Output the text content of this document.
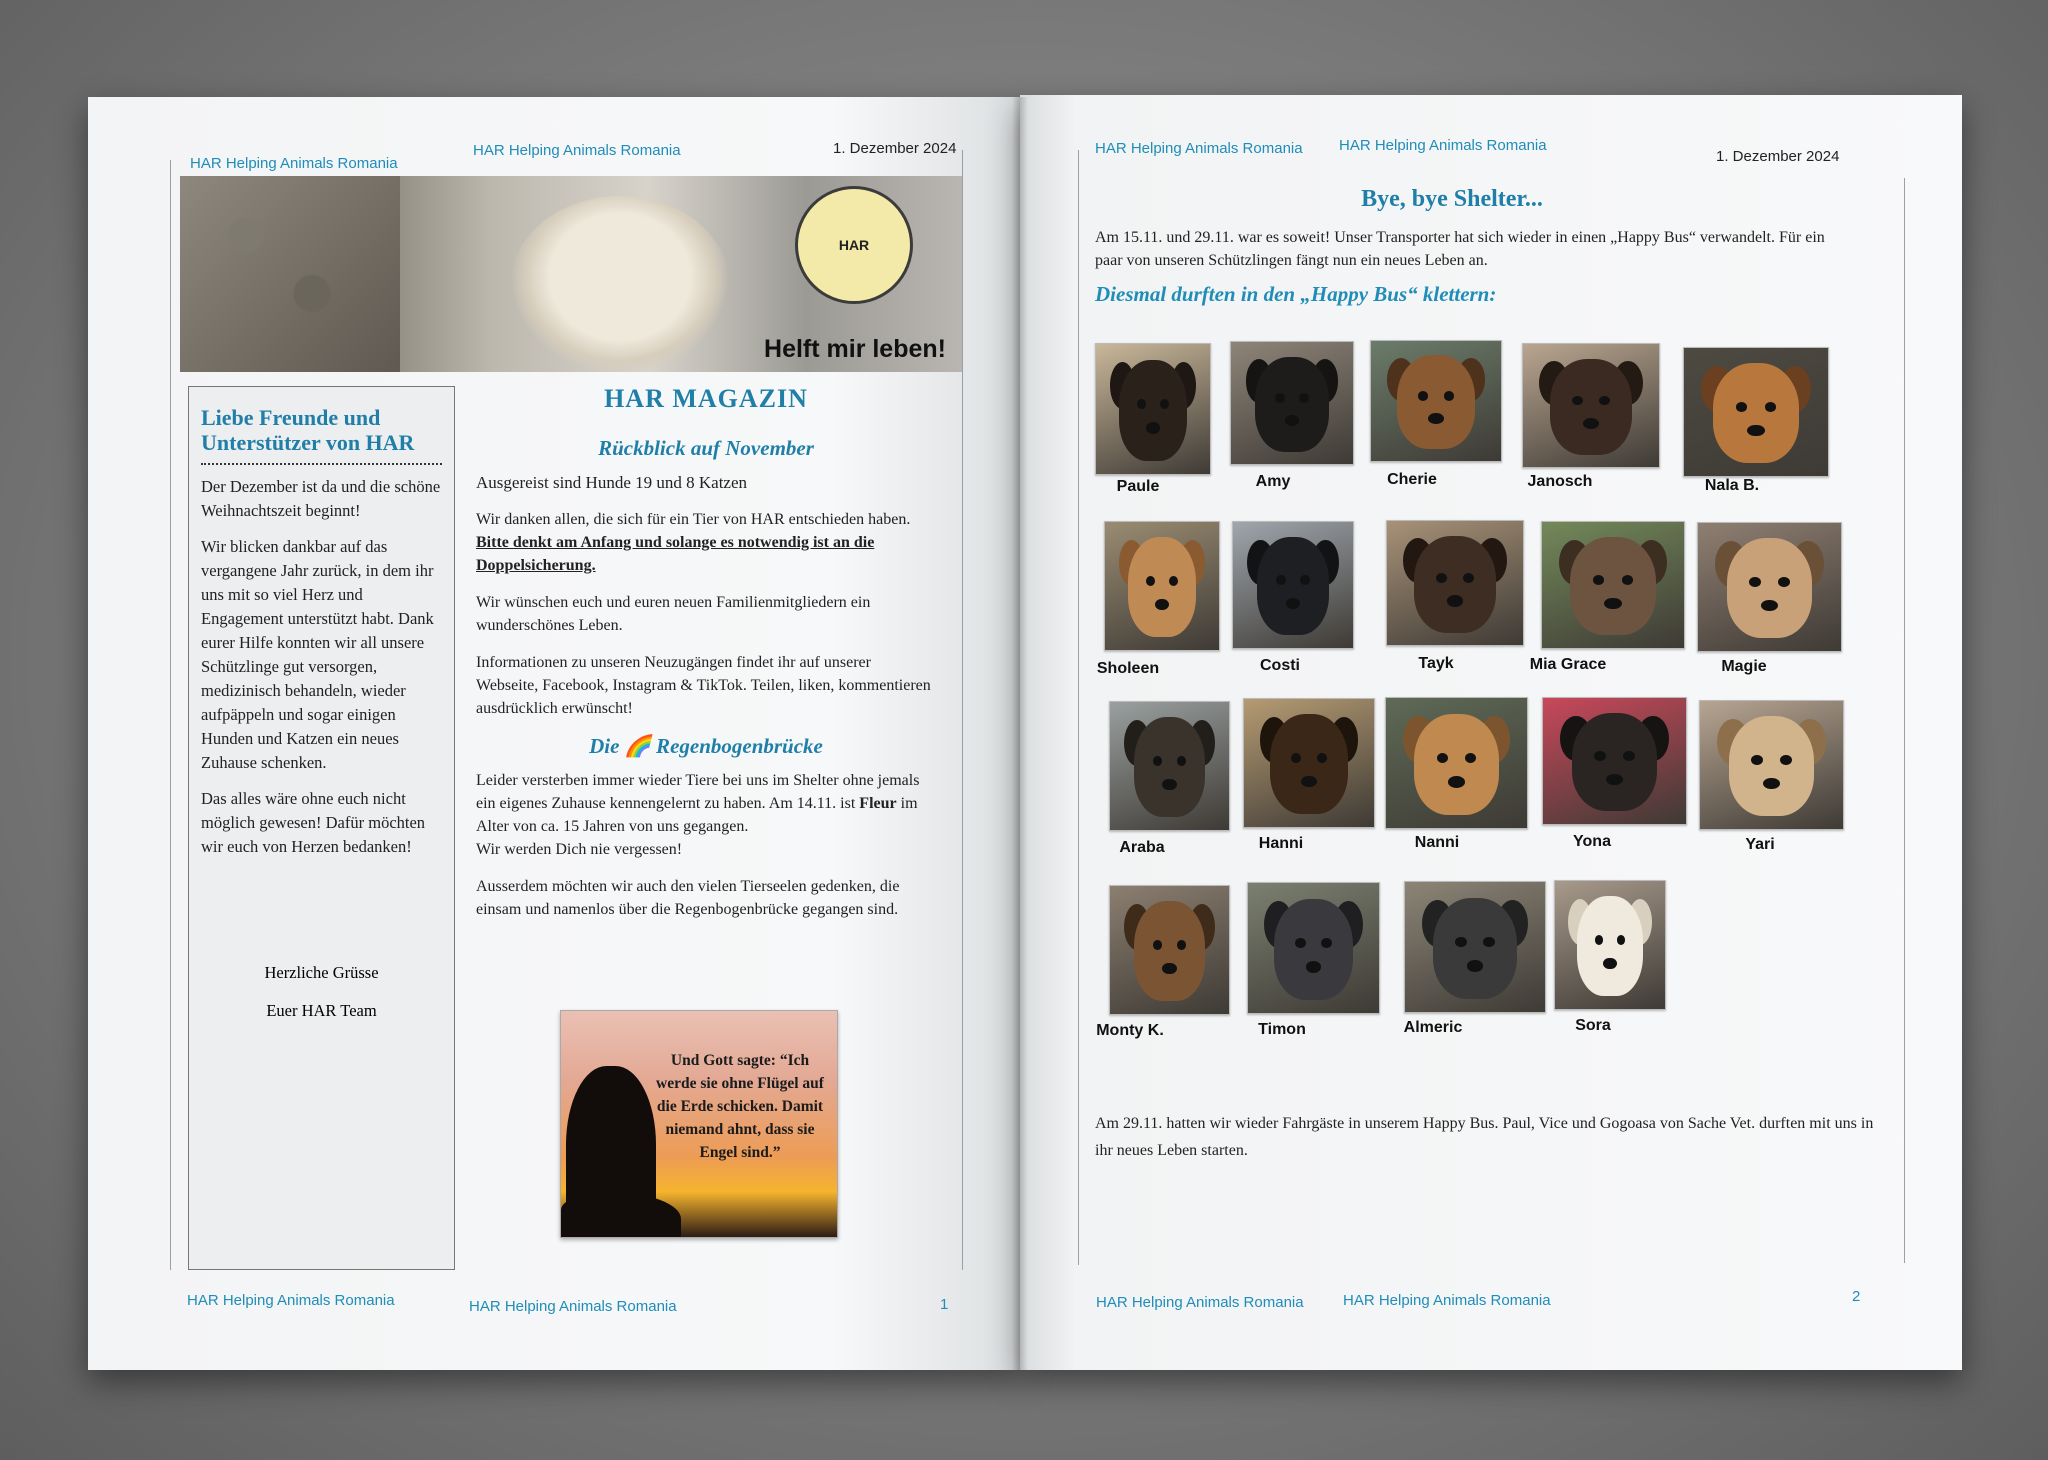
HAR Helping Animals Romania
HAR Helping Animals Romania	1. Dezember 2024
HAR
Helft mir leben!
Liebe Freunde und Unterstützer von HAR

Der Dezember ist da und die schöne Weihnachtszeit beginnt!

Wir blicken dankbar auf das vergangene Jahr zurück, in dem ihr uns mit so viel Herz und Engagement unterstützt habt. Dank eurer Hilfe konnten wir all unsere Schützlinge gut versorgen, medizinisch behandeln, wieder aufpäppeln und sogar einigen Hunden und Katzen ein neues Zuhause schenken.

Das alles wäre ohne euch nicht möglich gewesen! Dafür möchten wir euch von Herzen bedanken!

Herzliche Grüsse
Euer HAR Team
HAR MAGAZIN
Rückblick auf November

Ausgereist sind Hunde 19 und 8 Katzen

Wir danken allen, die sich für ein Tier von HAR entschieden haben. Bitte denkt am Anfang und solange es notwendig ist an die Doppelsicherung.

Wir wünschen euch und euren neuen Familienmitgliedern ein wunderschönes Leben.

Informationen zu unseren Neuzugängen findet ihr auf unserer Webseite, Facebook, Instagram & TikTok. Teilen, liken, kommentieren ausdrücklich erwünscht!

Die 🌈 Regenbogenbrücke

Leider versterben immer wieder Tiere bei uns im Shelter ohne jemals ein eigenes Zuhause kennengelernt zu haben. Am 14.11. ist Fleur im Alter von ca. 15 Jahren von uns gegangen.
Wir werden Dich nie vergessen!

Ausserdem möchten wir auch den vielen Tierseelen gedenken, die einsam und namenlos über die Regenbogenbrücke gegangen sind.

Und Gott sagte: “Ich werde sie ohne Flügel auf die Erde schicken. Damit niemand ahnt, dass sie Engel sind.”
HAR Helping Animals Romania	HAR Helping Animals Romania	1
HAR Helping Animals Romania HAR Helping Animals Romania
1. Dezember 2024
Bye, bye Shelter...
Am 15.11. und 29.11. war es soweit! Unser Transporter hat sich wieder in einen „Happy Bus“ verwandelt. Für ein paar von unseren Schützlingen fängt nun ein neues Leben an.
Diesmal durften in den „Happy Bus“ klettern:
Paule	Amy	Cherie	Janosch	Nala B.
Sholeen	Costi	Tayk	Mia Grace	Magie
Araba	Hanni	Nanni	Yona	Yari
Monty K.	Timon	Almeric	Sora
Am 29.11. hatten wir wieder Fahrgäste in unserem Happy Bus. Paul, Vice und Gogoasa von Sache Vet. durften mit uns in ihr neues Leben starten.
HAR Helping Animals Romania	HAR Helping Animals Romania	2
